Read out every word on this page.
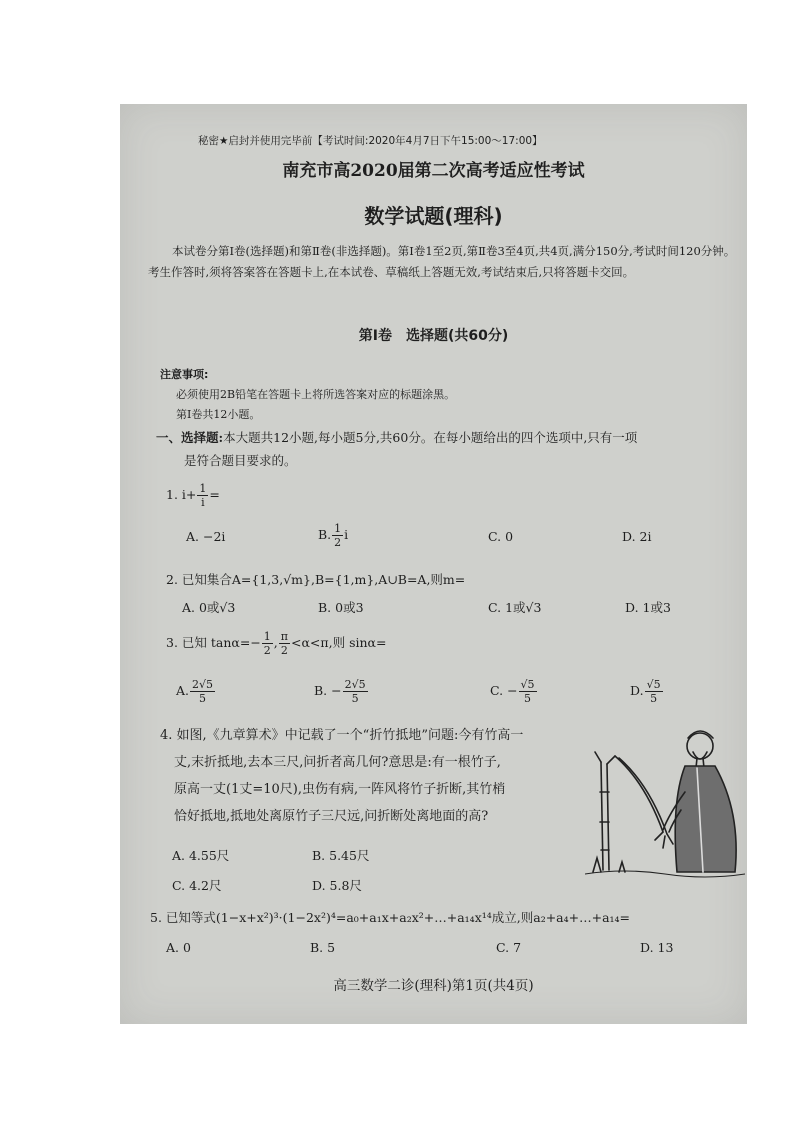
秘密★启封并使用完毕前【考试时间:2020年4月7日下午15:00～17:00】
南充市高2020届第二次高考适应性考试
数学试题(理科)
本试卷分第Ⅰ卷(选择题)和第Ⅱ卷(非选择题)。第Ⅰ卷1至2页,第Ⅱ卷3至4页,共4页,满分150分,考试时间120分钟。考生作答时,须将答案答在答题卡上,在本试卷、草稿纸上答题无效,考试结束后,只将答题卡交回。
第Ⅰ卷　选择题(共60分)
注意事项:
必须使用2B铅笔在答题卡上将所选答案对应的标题涂黑。
第Ⅰ卷共12小题。
一、选择题:本大题共12小题,每小题5分,共60分。在每小题给出的四个选项中,只有一项
是符合题目要求的。
1. $i+ \frac{1}{i}$ =
A. −2i	B. $\frac{1}{2}$ i	C. 0	D. 2i
2. 已知集合A={1,3,√m},B={1,m},A∪B=A,则m=
A. 0或√3	B. 0或3	C. 1或√3	D. 1或3
3. 已知 $\tan\alpha=- \frac{1}{2}$ , $\frac{\pi}{2} <\alpha<\pi$,则 sinα=
A. $\frac{2√5}{5}$	B. − $\frac{2√5}{5}$	C. − $\frac{√5}{5}$	D. $\frac{√5}{5}$
4. 如图,《九章算术》中记载了一个“折竹抵地”问题:今有竹高一
丈,末折抵地,去本三尺,问折者高几何?意思是:有一根竹子,
原高一丈(1丈=10尺),虫伤有病,一阵风将竹子折断,其竹梢
恰好抵地,抵地处离原竹子三尺远,问折断处离地面的高?
A. 4.55尺	B. 5.45尺
C. 4.2尺	D. 5.8尺
5. 已知等式(1−x+x²)³·(1−2x²)⁴=a₀+a₁x+a₂x²+…+a₁₄x¹⁴成立,则a₂+a₄+…+a₁₄=
A. 0	B. 5	C. 7	D. 13
高三数学二诊(理科)第1页(共4页)
